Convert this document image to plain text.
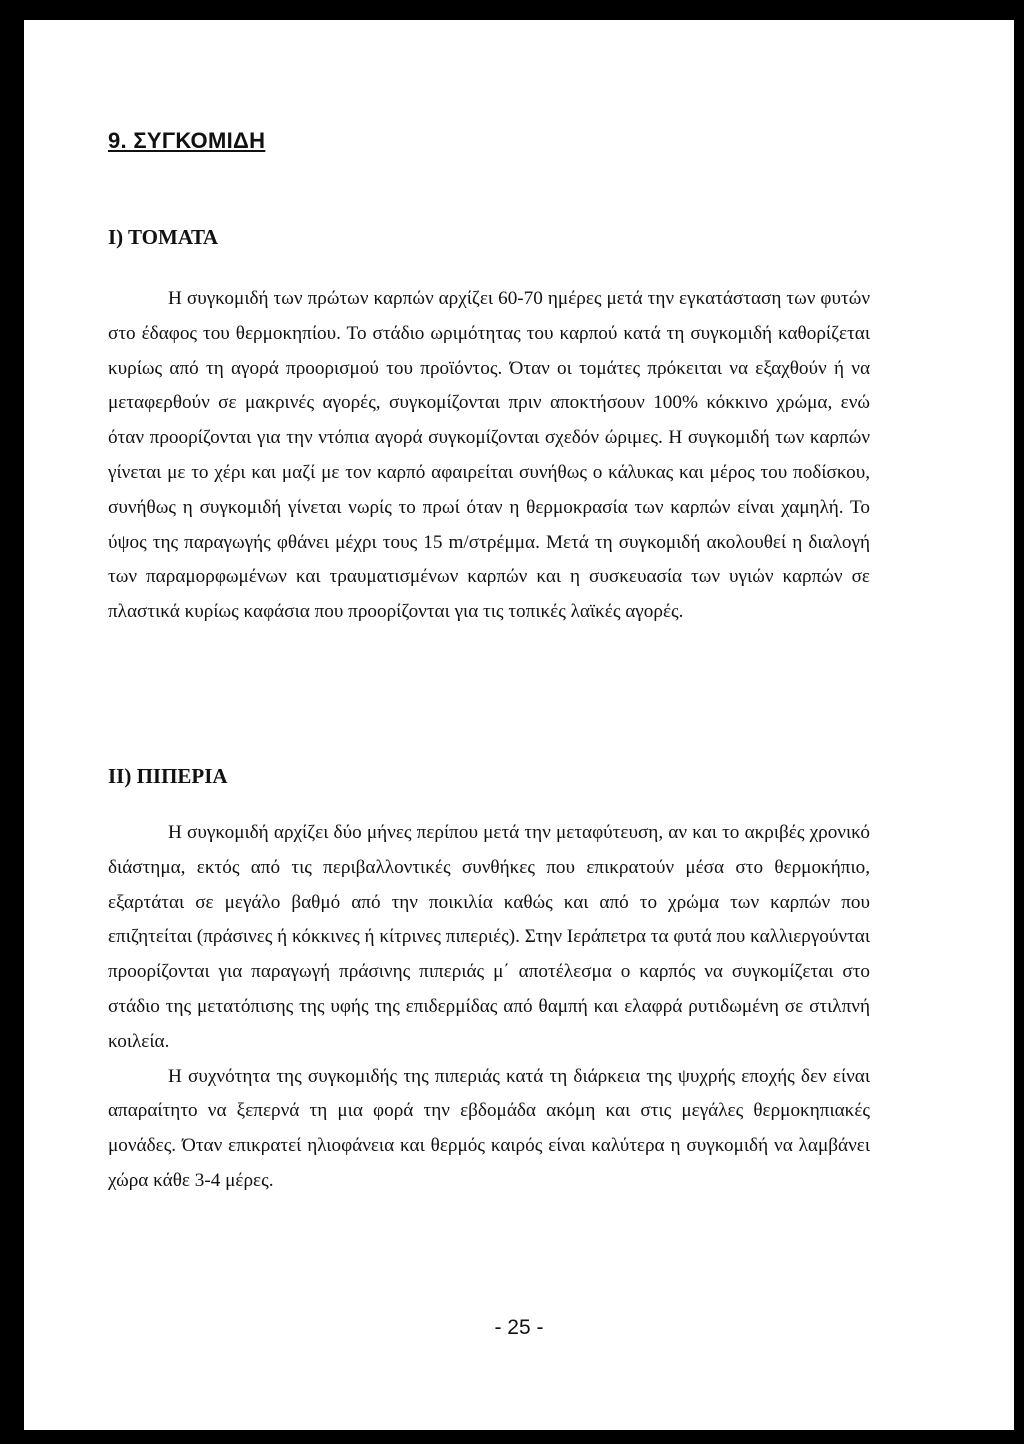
9. ΣΥΓΚΟΜΙΔΗ
Ι) ΤΟΜΑΤΑ

Η συγκομιδή των πρώτων καρπών αρχίζει 60-70 ημέρες μετά την εγκατάσταση των φυτών στο έδαφος του θερμοκηπίου. Το στάδιο ωριμότητας του καρπού κατά τη συγκομιδή καθορίζεται κυρίως από τη αγορά προορισμού του προϊόντος. Όταν οι τομάτες πρόκειται να εξαχθούν ή να μεταφερθούν σε μακρινές αγορές, συγκομίζονται πριν αποκτήσουν 100% κόκκινο χρώμα, ενώ όταν προορίζονται για την ντόπια αγορά συγκομίζονται σχεδόν ώριμες. Η συγκομιδή των καρπών γίνεται με το χέρι και μαζί με τον καρπό αφαιρείται συνήθως ο κάλυκας και μέρος του ποδίσκου, συνήθως η συγκομιδή γίνεται νωρίς το πρωί όταν η θερμοκρασία των καρπών είναι χαμηλή. Το ύψος της παραγωγής φθάνει μέχρι τους 15 m/στρέμμα. Μετά τη συγκομιδή ακολουθεί η διαλογή των παραμορφωμένων και τραυματισμένων καρπών και η συσκευασία των υγιών καρπών σε πλαστικά κυρίως καφάσια που προορίζονται για τις τοπικές λαϊκές αγορές.

ΙΙ) ΠΙΠΕΡΙΑ

Η συγκομιδή αρχίζει δύο μήνες περίπου μετά την μεταφύτευση, αν και το ακριβές χρονικό διάστημα, εκτός από τις περιβαλλοντικές συνθήκες που επικρατούν μέσα στο θερμοκήπιο, εξαρτάται σε μεγάλο βαθμό από την ποικιλία καθώς και από το χρώμα των καρπών που επιζητείται (πράσινες ή κόκκινες ή κίτρινες πιπεριές). Στην Ιεράπετρα τα φυτά που καλλιεργούνται προορίζονται για παραγωγή πράσινης πιπεριάς μ΄ αποτέλεσμα ο καρπός να συγκομίζεται στο στάδιο της μετατόπισης της υφής της επιδερμίδας από θαμπή και ελαφρά ρυτιδωμένη σε στιλπνή κοιλεία.

Η συχνότητα της συγκομιδής της πιπεριάς κατά τη διάρκεια της ψυχρής εποχής δεν είναι απαραίτητο να ξεπερνά τη μια φορά την εβδομάδα ακόμη και στις μεγάλες θερμοκηπιακές μονάδες. Όταν επικρατεί ηλιοφάνεια και θερμός καιρός είναι καλύτερα η συγκομιδή να λαμβάνει χώρα κάθε 3-4 μέρες.

- 25 -
